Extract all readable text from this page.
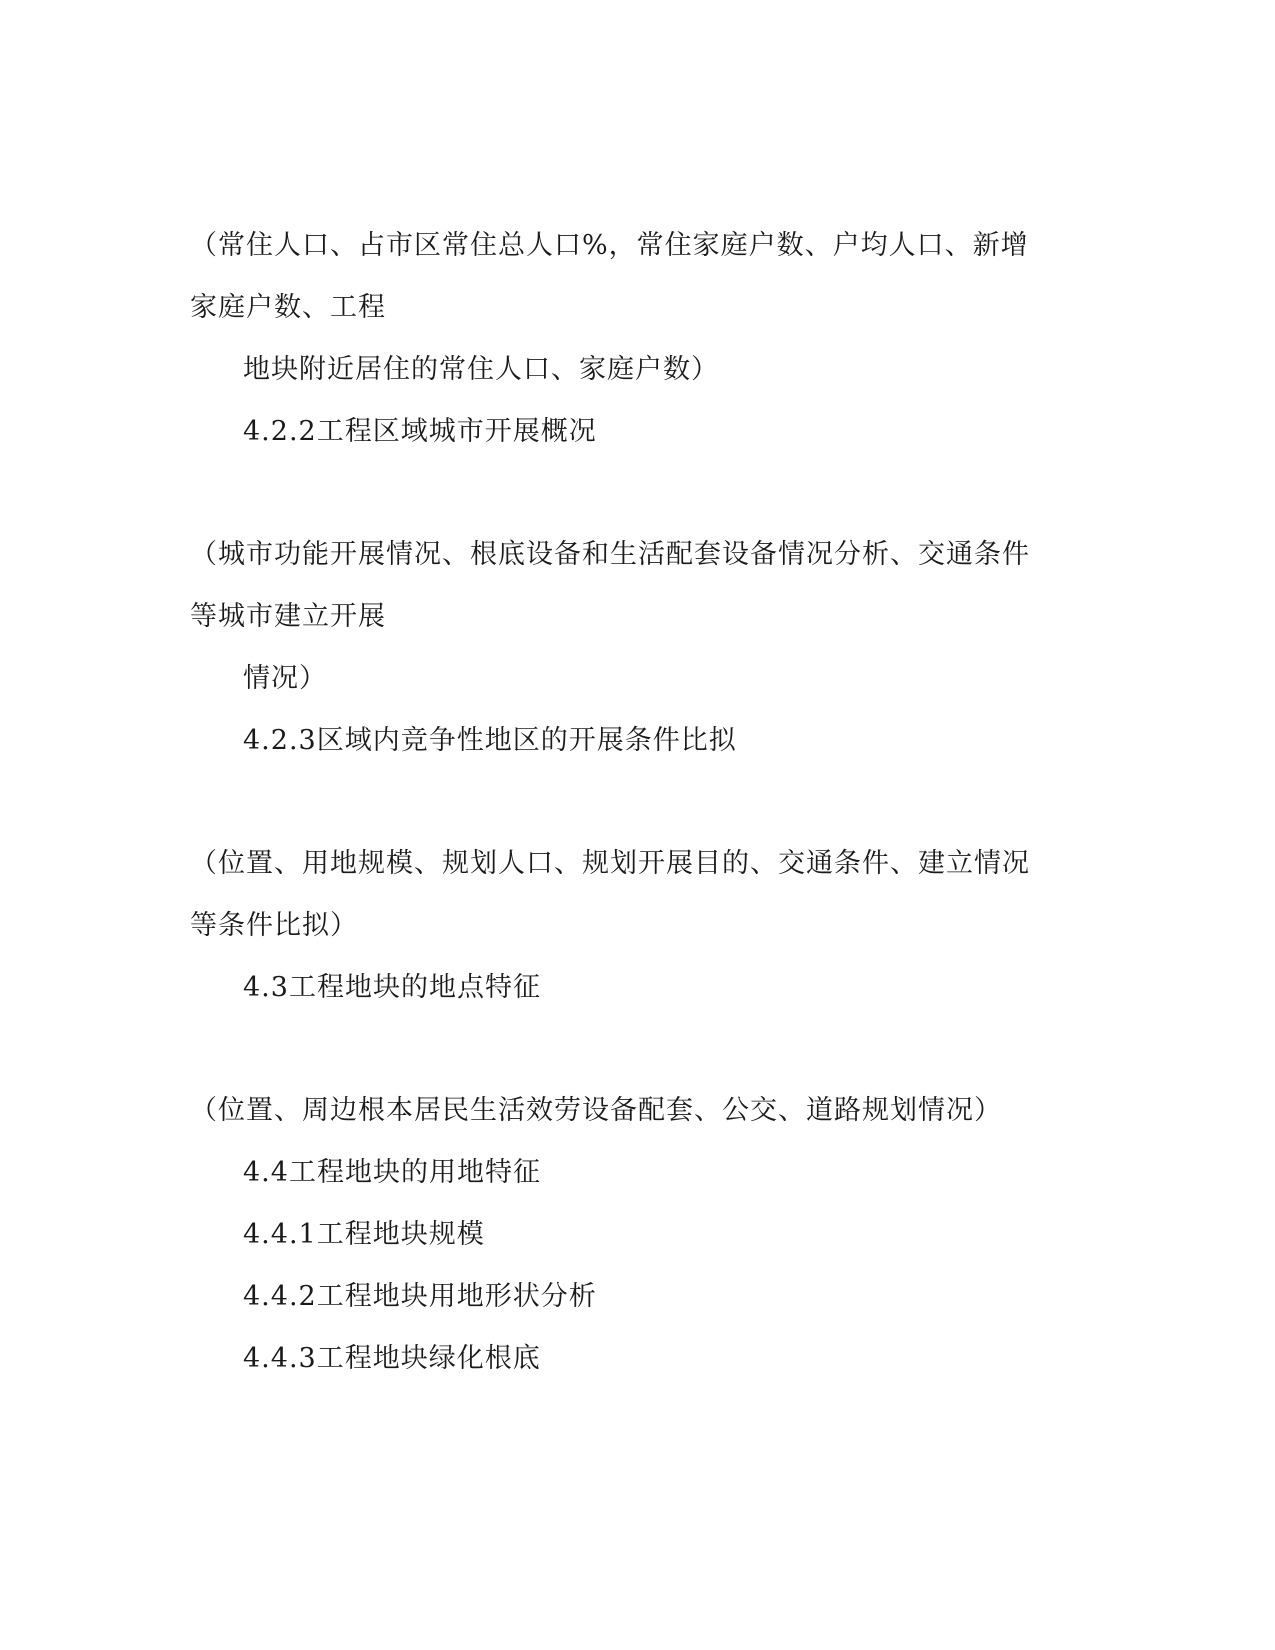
（常住人口、占市区常住总人口%，常住家庭户数、户均人口、新增

家庭户数、工程

地块附近居住的常住人口、家庭户数）

4.2.2工程区域城市开展概况

（城市功能开展情况、根底设备和生活配套设备情况分析、交通条件

等城市建立开展

情况）

4.2.3区域内竞争性地区的开展条件比拟

（位置、用地规模、规划人口、规划开展目的、交通条件、建立情况

等条件比拟）

4.3工程地块的地点特征

（位置、周边根本居民生活效劳设备配套、公交、道路规划情况）

4.4工程地块的用地特征

4.4.1工程地块规模

4.4.2工程地块用地形状分析

4.4.3工程地块绿化根底
